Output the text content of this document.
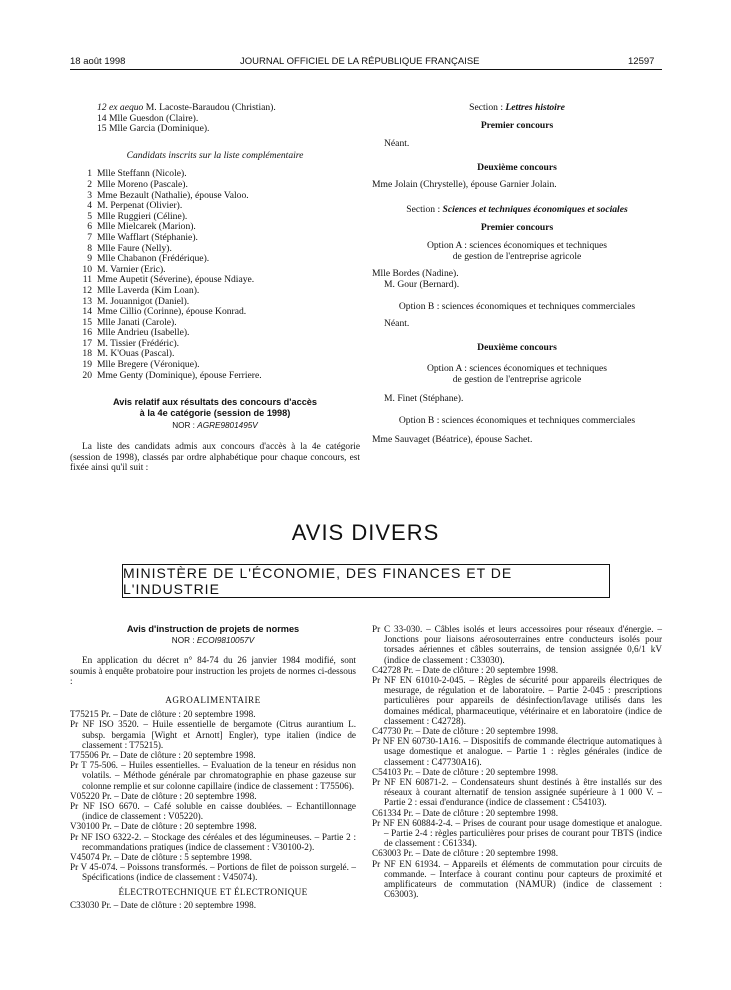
18 août 1998	JOURNAL OFFICIEL DE LA RÉPUBLIQUE FRANÇAISE	12597
12 ex aequo M. Lacoste-Baraudou (Christian).
14 Mlle Guesdon (Claire).
15 Mlle Garcia (Dominique).
Candidats inscrits sur la liste complémentaire
1 Mlle Steffann (Nicole).
2 Mlle Moreno (Pascale).
3 Mme Bezault (Nathalie), épouse Valoo.
4 M. Perpenat (Olivier).
5 Mlle Ruggieri (Céline).
6 Mlle Mielcarek (Marion).
7 Mlle Wafflart (Stéphanie).
8 Mlle Faure (Nelly).
9 Mlle Chabanon (Frédérique).
10 M. Varnier (Eric).
11 Mme Aupetit (Séverine), épouse Ndiaye.
12 Mlle Laverda (Kim Loan).
13 M. Jouannigot (Daniel).
14 Mme Cillio (Corinne), épouse Konrad.
15 Mlle Janati (Carole).
16 Mlle Andrieu (Isabelle).
17 M. Tissier (Frédéric).
18 M. K'Ouas (Pascal).
19 Mlle Bregere (Véronique).
20 Mme Genty (Dominique), épouse Ferriere.
Avis relatif aux résultats des concours d'accès
à la 4e catégorie (session de 1998)
NOR : AGRE9801495V
La liste des candidats admis aux concours d'accès à la 4e catégorie (session de 1998), classés par ordre alphabétique pour chaque concours, est fixée ainsi qu'il suit :
Section : Lettres histoire
Premier concours
Néant.
Deuxième concours
Mme Jolain (Chrystelle), épouse Garnier Jolain.
Section : Sciences et techniques économiques et sociales
Premier concours
Option A : sciences économiques et techniques
de gestion de l'entreprise agricole
Mlle Bordes (Nadine).
M. Gour (Bernard).
Option B : sciences économiques et techniques commerciales
Néant.
Deuxième concours
Option A : sciences économiques et techniques
de gestion de l'entreprise agricole
M. Finet (Stéphane).
Option B : sciences économiques et techniques commerciales
Mme Sauvaget (Béatrice), épouse Sachet.
AVIS DIVERS
MINISTÈRE DE L'ÉCONOMIE, DES FINANCES ET DE L'INDUSTRIE
Avis d'instruction de projets de normes
NOR : ECOI9810057V
En application du décret n° 84-74 du 26 janvier 1984 modifié, sont soumis à enquête probatoire pour instruction les projets de normes ci-dessous :
AGROALIMENTAIRE
T75215 Pr. – Date de clôture : 20 septembre 1998.
Pr NF ISO 3520. – Huile essentielle de bergamote (Citrus aurantium L. subsp. bergamia [Wight et Arnott] Engler), type italien (indice de classement : T75215).
T75506 Pr. – Date de clôture : 20 septembre 1998.
Pr T 75-506. – Huiles essentielles. – Evaluation de la teneur en résidus non volatils. – Méthode générale par chromatographie en phase gazeuse sur colonne remplie et sur colonne capillaire (indice de classement : T75506).
V05220 Pr. – Date de clôture : 20 septembre 1998.
Pr NF ISO 6670. – Café soluble en caisse doublées. – Echantillonnage (indice de classement : V05220).
V30100 Pr. – Date de clôture : 20 septembre 1998.
Pr NF ISO 6322-2. – Stockage des céréales et des légumineuses. – Partie 2 : recommandations pratiques (indice de classement : V30100-2).
V45074 Pr. – Date de clôture : 5 septembre 1998.
Pr V 45-074. – Poissons transformés. – Portions de filet de poisson surgelé. – Spécifications (indice de classement : V45074).
ÉLECTROTECHNIQUE ET ÉLECTRONIQUE
C33030 Pr. – Date de clôture : 20 septembre 1998.
Pr C 33-030. – Câbles isolés et leurs accessoires pour réseaux d'énergie. – Jonctions pour liaisons aérosouterraines entre conducteurs isolés pour torsades aériennes et câbles souterrains, de tension assignée 0,6/1 kV (indice de classement : C33030).
C42728 Pr. – Date de clôture : 20 septembre 1998.
Pr NF EN 61010-2-045. – Règles de sécurité pour appareils électriques de mesurage, de régulation et de laboratoire. – Partie 2-045 : prescriptions particulières pour appareils de désinfection/lavage utilisés dans les domaines médical, pharmaceutique, vétérinaire et en laboratoire (indice de classement : C42728).
C47730 Pr. – Date de clôture : 20 septembre 1998.
Pr NF EN 60730-1A16. – Dispositifs de commande électrique automatiques à usage domestique et analogue. – Partie 1 : règles générales (indice de classement : C47730A16).
C54103 Pr. – Date de clôture : 20 septembre 1998.
Pr NF EN 60871-2. – Condensateurs shunt destinés à être installés sur des réseaux à courant alternatif de tension assignée supérieure à 1 000 V. – Partie 2 : essai d'endurance (indice de classement : C54103).
C61334 Pr. – Date de clôture : 20 septembre 1998.
Pr NF EN 60884-2-4. – Prises de courant pour usage domestique et analogue. – Partie 2-4 : règles particulières pour prises de courant pour TBTS (indice de classement : C61334).
C63003 Pr. – Date de clôture : 20 septembre 1998.
Pr NF EN 61934. – Appareils et éléments de commutation pour circuits de commande. – Interface à courant continu pour capteurs de proximité et amplificateurs de commutation (NAMUR) (indice de classement : C63003).
